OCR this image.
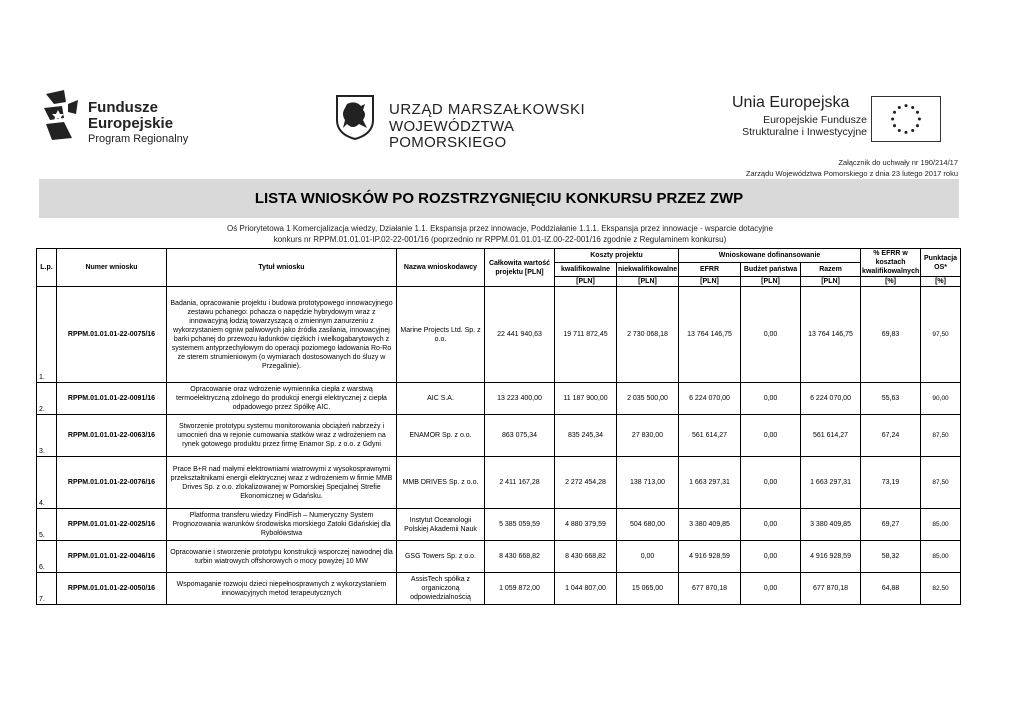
Fundusze
Europejskie
Program Regionalny
URZĄD MARSZAŁKOWSKI
WOJEWÓDZTWA POMORSKIEGO
Unia Europejska
Europejskie Fundusze
Strukturalne i Inwestycyjne
Załącznik do uchwały nr 190/214/17
Zarządu Województwa Pomorskiego z dnia 23 lutego 2017 roku
LISTA WNIOSKÓW PO ROZSTRZYGNIĘCIU KONKURSU PRZEZ ZWP
Oś Priorytetowa 1 Komercjalizacja wiedzy, Działanie 1.1. Ekspansja przez innowacje, Poddziałanie 1.1.1. Ekspansja przez innowacje - wsparcie dotacyjne
konkurs nr RPPM.01.01.01-IP.02-22-001/16 (poprzednio nr RPPM.01.01.01-IZ.00-22-001/16 zgodnie z Regulaminem konkursu)
L.p.	Numer wniosku	Tytuł wniosku	Nazwa wnioskodawcy	Całkowita wartość projektu [PLN]	Koszty projektu		Wnioskowane dofinansowanie			% EFRR w kosztach kwalifikowalnych	Punktacja OS*
					kwalifikowalne	niekwalifikowalne	EFRR	Budżet państwa	Razem		
					[PLN]	[PLN]	[PLN]	[PLN]	[PLN]	[%]	[%]
1.	RPPM.01.01.01-22-0075/16	Badania, opracowanie projektu i budowa prototypowego innowacyjnego zestawu pchanego: pchacza o napędzie hybrydowym wraz z innowacyjną łodzią towarzyszącą o zmiennym zanurzeniu z wykorzystaniem ogniw paliwowych jako źródła zasilania, innowacyjnej barki pchanej do przewozu ładunków ciężkich i wielkogabarytowych z systemem antyprzechyłowym do operacji poziomego ładowania Ro-Ro ze sterem strumieniowym (o wymiarach dostosowanych do śluzy w Przegalinie).	Marine Projects Ltd. Sp. z o.o.	22 441 940,63	19 711 872,45	2 730 068,18	13 764 146,75	0,00	13 764 146,75	69,83	97,50
2.	RPPM.01.01.01-22-0091/16	Opracowanie oraz wdrożenie wymiennika ciepła z warstwą termoelektryczną zdolnego do produkcji energii elektrycznej z ciepła odpadowego przez Spółkę AIC.	AIC S.A.	13 223 400,00	11 187 900,00	2 035 500,00	6 224 070,00	0,00	6 224 070,00	55,63	90,00
3.	RPPM.01.01.01-22-0063/16	Stworzenie prototypu systemu monitorowania obciążeń nabrzeży i umocnień dna w rejonie cumowania statków wraz z wdrożeniem na rynek gotowego produktu przez firmę Enamor Sp. z o.o. z Gdyni	ENAMOR Sp. z o.o.	863 075,34	835 245,34	27 830,00	561 614,27	0,00	561 614,27	67,24	87,50
4.	RPPM.01.01.01-22-0076/16	Prace B+R nad małymi elektrowniami wiatrowymi z wysokosprawnymi przekształtnikami energii elektrycznej wraz z wdrożeniem w firmie MMB Drives Sp. z o.o. zlokalizowanej w Pomorskiej Specjalnej Strefie Ekonomicznej w Gdańsku.	MMB DRIVES Sp. z o.o.	2 411 167,28	2 272 454,28	138 713,00	1 663 297,31	0,00	1 663 297,31	73,19	87,50
5.	RPPM.01.01.01-22-0025/16	Platforma transferu wiedzy FindFish – Numeryczny System Prognozowania warunków środowiska morskiego Zatoki Gdańskiej dla Rybołówstwa	Instytut Oceanologii Polskiej Akademii Nauk	5 385 059,59	4 880 379,59	504 680,00	3 380 409,85	0,00	3 380 409,85	69,27	85,00
6.	RPPM.01.01.01-22-0046/16	Opracowanie i stworzenie prototypu konstrukcji wsporczej nawodnej dla turbin wiatrowych offshorowych o mocy powyżej 10 MW	GSG Towers Sp. z o.o.	8 430 668,82	8 430 668,82	0,00	4 916 928,59	0,00	4 916 928,59	58,32	85,00
7.	RPPM.01.01.01-22-0050/16	Wspomaganie rozwoju dzieci niepełnosprawnych z wykorzystaniem innowacyjnych metod terapeutycznych	AssisTech spółka z organiczoną odpowiedzialnością	1 059 872,00	1 044 807,00	15 065,00	677 870,18	0,00	677 870,18	64,88	82,50
